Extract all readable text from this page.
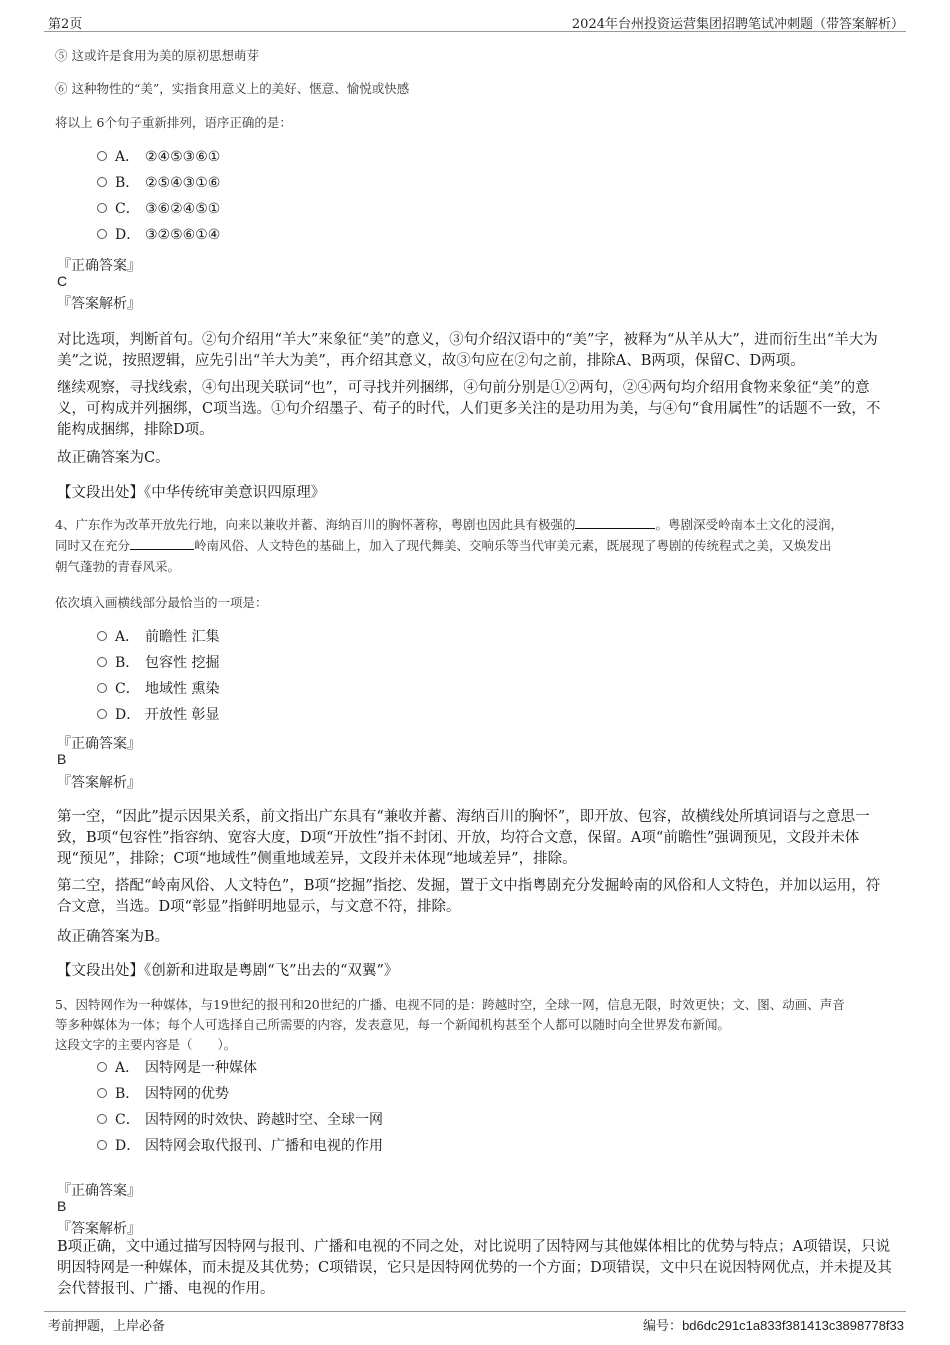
第2页	2024年台州投资运营集团招聘笔试冲刺题（带答案解析）
⑤ 这或许是食用为美的原初思想萌芽
⑥ 这种物性的“美”，实指食用意义上的美好、惬意、愉悦或快感
将以上 6个句子重新排列，语序正确的是：
A． ②④⑤③⑥①
B． ②⑤④③①⑥
C． ③⑥②④⑤①
D． ③②⑤⑥①④
『正确答案』
C
『答案解析』
对比选项，判断首句。②句介绍用“羊大”来象征“美”的意义，③句介绍汉语中的“美”字，被释为“从羊从大”，进而衍生出“羊大为美”之说，按照逻辑，应先引出“羊大为美”，再介绍其意义，故③句应在②句之前，排除A、B两项，保留C、D两项。
继续观察，寻找线索，④句出现关联词“也”，可寻找并列捆绑，④句前分别是①②两句，②④两句均介绍用食物来象征“美”的意义，可构成并列捆绑，C项当选。①句介绍墨子、荀子的时代，人们更多关注的是功用为美，与④句“食用属性”的话题不一致，不能构成捆绑，排除D项。
故正确答案为C。
【文段出处】《中华传统审美意识四原理》
4、广东作为改革开放先行地，向来以兼收并蓄、海纳百川的胸怀著称，粤剧也因此具有极强的	。粤剧深受岭南本土文化的浸润，
同时又在充分	岭南风俗、人文特色的基础上，加入了现代舞美、交响乐等当代审美元素，既展现了粤剧的传统程式之美，又焕发出
朝气蓬勃的青春风采。
依次填入画横线部分最恰当的一项是：
A． 前瞻性 汇集
B． 包容性 挖掘
C． 地域性 熏染
D． 开放性 彰显
『正确答案』
B
『答案解析』
第一空，“因此”提示因果关系，前文指出广东具有“兼收并蓄、海纳百川的胸怀”，即开放、包容，故横线处所填词语与之意思一致，B项“包容性”指容纳、宽容大度，D项“开放性”指不封闭、开放，均符合文意，保留。A项“前瞻性”强调预见，文段并未体现“预见”，排除；C项“地域性”侧重地域差异，文段并未体现“地域差异”，排除。
第二空，搭配“岭南风俗、人文特色”，B项“挖掘”指挖、发掘，置于文中指粤剧充分发掘岭南的风俗和人文特色，并加以运用，符合文意，当选。D项“彰显”指鲜明地显示，与文意不符，排除。
故正确答案为B。
【文段出处】《创新和进取是粤剧“飞”出去的“双翼”》
5、因特网作为一种媒体，与19世纪的报刊和20世纪的广播、电视不同的是：跨越时空，全球一网，信息无限，时效更快；文、图、动画、声音
等多种媒体为一体；每个人可选择自己所需要的内容，发表意见，每一个新闻机构甚至个人都可以随时向全世界发布新闻。
这段文字的主要内容是（　　）。
A． 因特网是一种媒体
B． 因特网的优势
C． 因特网的时效快、跨越时空、全球一网
D． 因特网会取代报刊、广播和电视的作用
『正确答案』
B
『答案解析』
B项正确，文中通过描写因特网与报刊、广播和电视的不同之处，对比说明了因特网与其他媒体相比的优势与特点；A项错误，只说明因特网是一种媒体，而未提及其优势；C项错误，它只是因特网优势的一个方面；D项错误，文中只在说因特网优点，并未提及其会代替报刊、广播、电视的作用。
考前押题，上岸必备	编号：bd6dc291c1a833f381413c3898778f33
